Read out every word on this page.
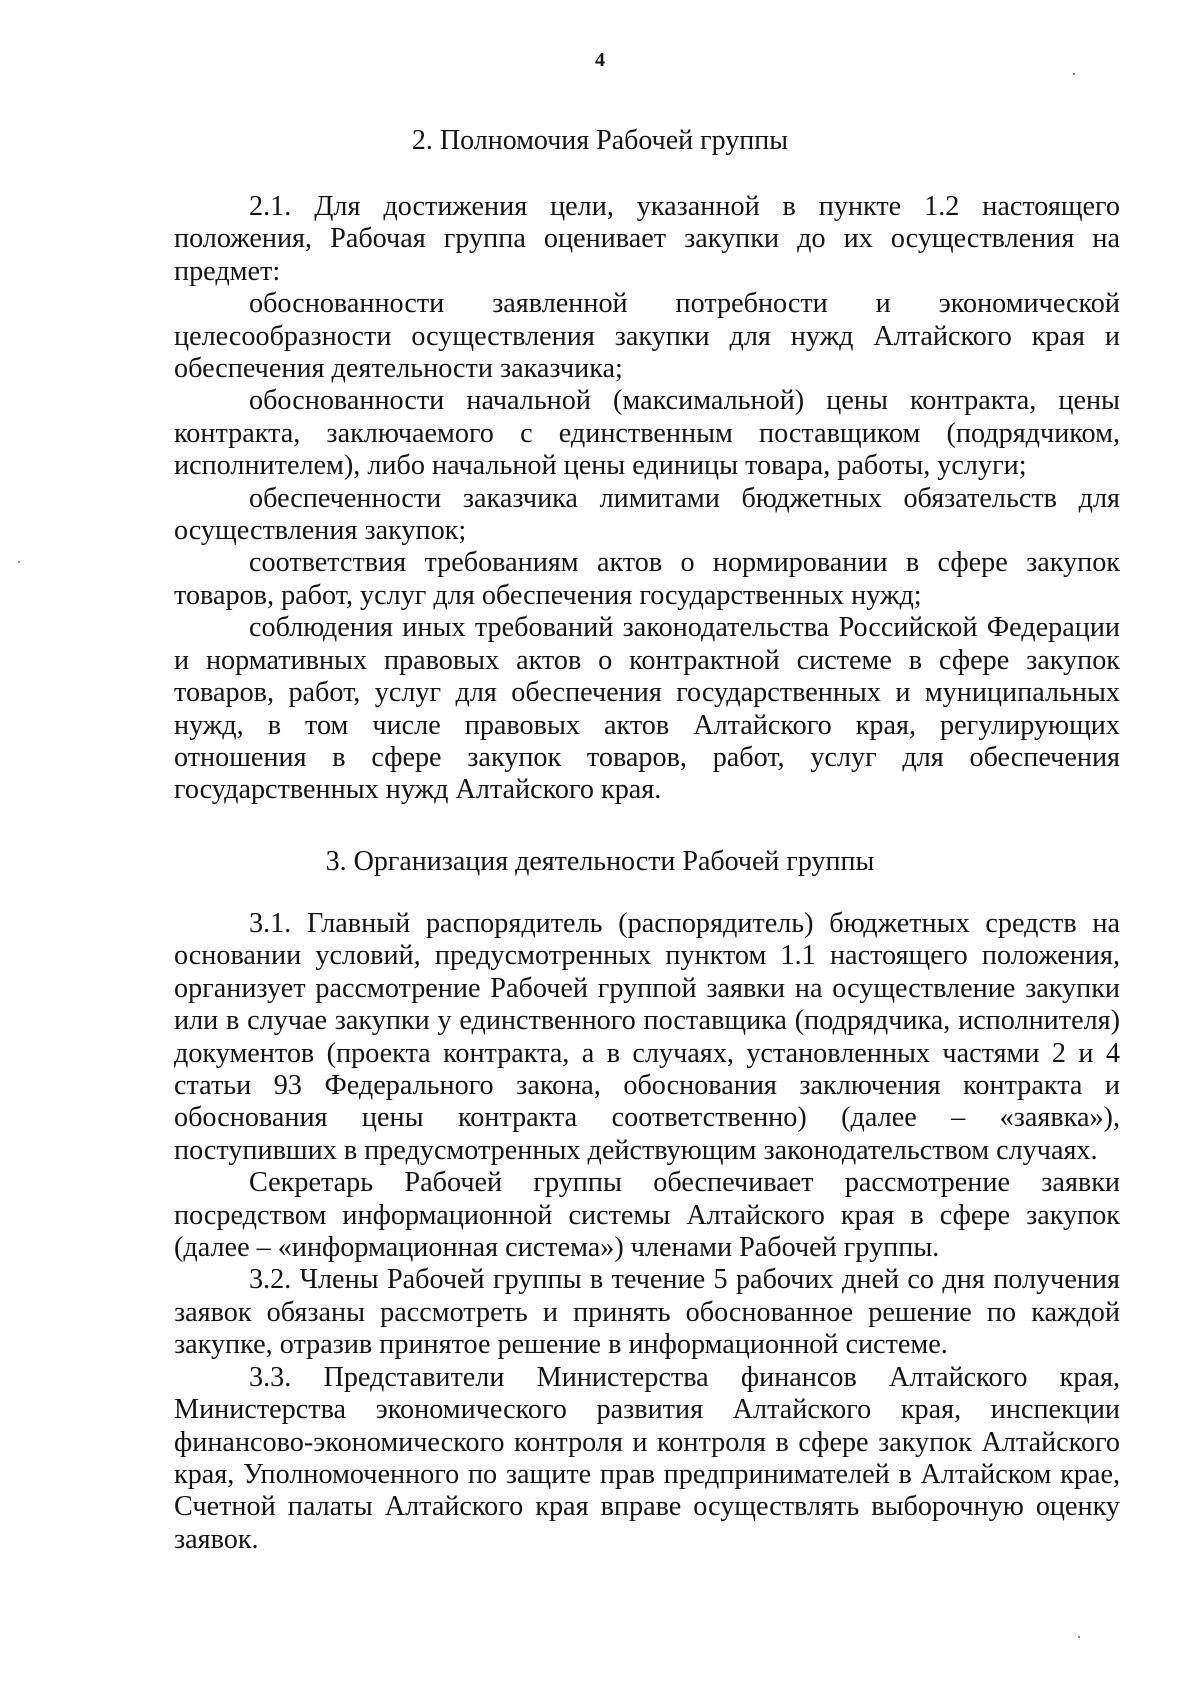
4
2. Полномочия Рабочей группы

2.1. Для достижения цели, указанной в пункте 1.2 настоящего положения, Рабочая группа оценивает закупки до их осуществления на предмет:

обоснованности заявленной потребности и экономической целесообразности осуществления закупки для нужд Алтайского края и обеспечения деятельности заказчика;

обоснованности начальной (максимальной) цены контракта, цены контракта, заключаемого с единственным поставщиком (подрядчиком, исполнителем), либо начальной цены единицы товара, работы, услуги;

обеспеченности заказчика лимитами бюджетных обязательств для осуществления закупок;

соответствия требованиям актов о нормировании в сфере закупок товаров, работ, услуг для обеспечения государственных нужд;

соблюдения иных требований законодательства Российской Федерации и нормативных правовых актов о контрактной системе в сфере закупок товаров, работ, услуг для обеспечения государственных и муниципальных нужд, в том числе правовых актов Алтайского края, регулирующих отношения в сфере закупок товаров, работ, услуг для обеспечения государственных нужд Алтайского края.

3. Организация деятельности Рабочей группы

3.1. Главный распорядитель (распорядитель) бюджетных средств на основании условий, предусмотренных пунктом 1.1 настоящего положения, организует рассмотрение Рабочей группой заявки на осуществление закупки или в случае закупки у единственного поставщика (подрядчика, исполнителя) документов (проекта контракта, а в случаях, установленных частями 2 и 4 статьи 93 Федерального закона, обоснования заключения контракта и обоснования цены контракта соответственно) (далее – «заявка»), поступивших в предусмотренных действующим законодательством случаях.

Секретарь Рабочей группы обеспечивает рассмотрение заявки посредством информационной системы Алтайского края в сфере закупок (далее – «информационная система») членами Рабочей группы.

3.2. Члены Рабочей группы в течение 5 рабочих дней со дня получения заявок обязаны рассмотреть и принять обоснованное решение по каждой закупке, отразив принятое решение в информационной системе.

3.3. Представители Министерства финансов Алтайского края, Министерства экономического развития Алтайского края, инспекции финансово-экономического контроля и контроля в сфере закупок Алтайского края, Уполномоченного по защите прав предпринимателей в Алтайском крае, Счетной палаты Алтайского края вправе осуществлять выборочную оценку заявок.
